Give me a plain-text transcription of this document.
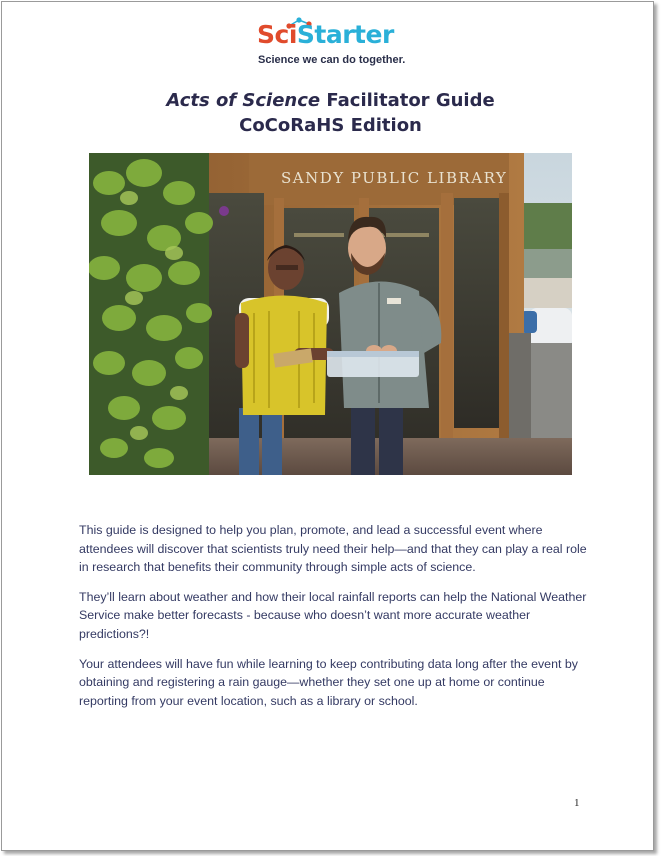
SciStarter
Science we can do together.
Acts of Science Facilitator Guide
CoCoRaHS Edition
SANDY PUBLIC LIBRARY

This guide is designed to help you plan, promote, and lead a successful event where attendees will discover that scientists truly need their help—and that they can play a real role in research that benefits their community through simple acts of science.

They’ll learn about weather and how their local rainfall reports can help the National Weather Service make better forecasts - because who doesn’t want more accurate weather predictions?!

Your attendees will have fun while learning to keep contributing data long after the event by obtaining and registering a rain gauge—whether they set one up at home or continue reporting from your event location, such as a library or school.

1
